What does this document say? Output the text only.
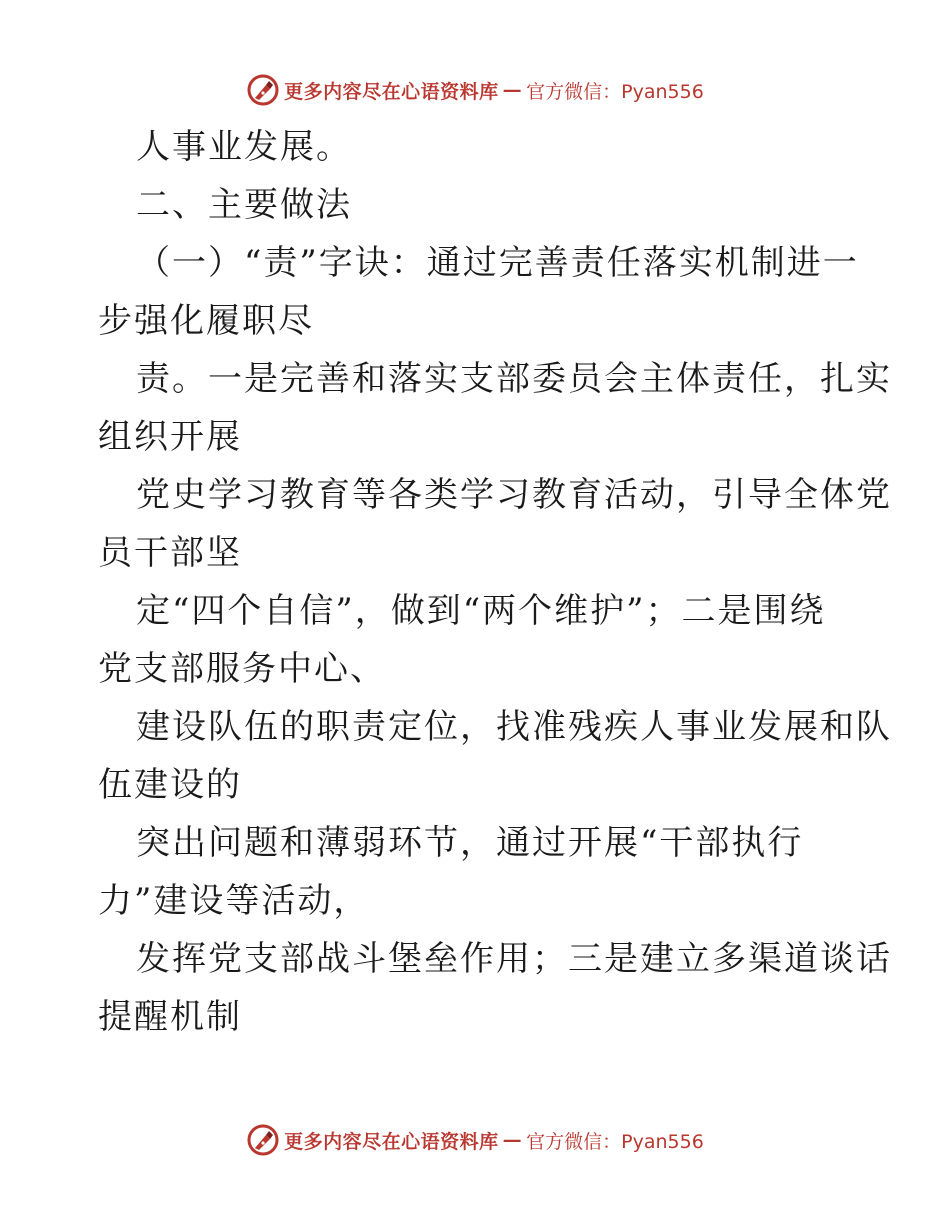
更多内容尽在心语资料库 — 官方微信：Pyan556
人事业发展。
二、主要做法
（一）“责”字诀：通过完善责任落实机制进一
步强化履职尽
责。一是完善和落实支部委员会主体责任，扎实
组织开展
党史学习教育等各类学习教育活动，引导全体党
员干部坚
定“四个自信”，做到“两个维护”；二是围绕
党支部服务中心、
建设队伍的职责定位，找准残疾人事业发展和队
伍建设的
突出问题和薄弱环节，通过开展“干部执行
力”建设等活动，
发挥党支部战斗堡垒作用；三是建立多渠道谈话
提醒机制
更多内容尽在心语资料库 — 官方微信：Pyan556
